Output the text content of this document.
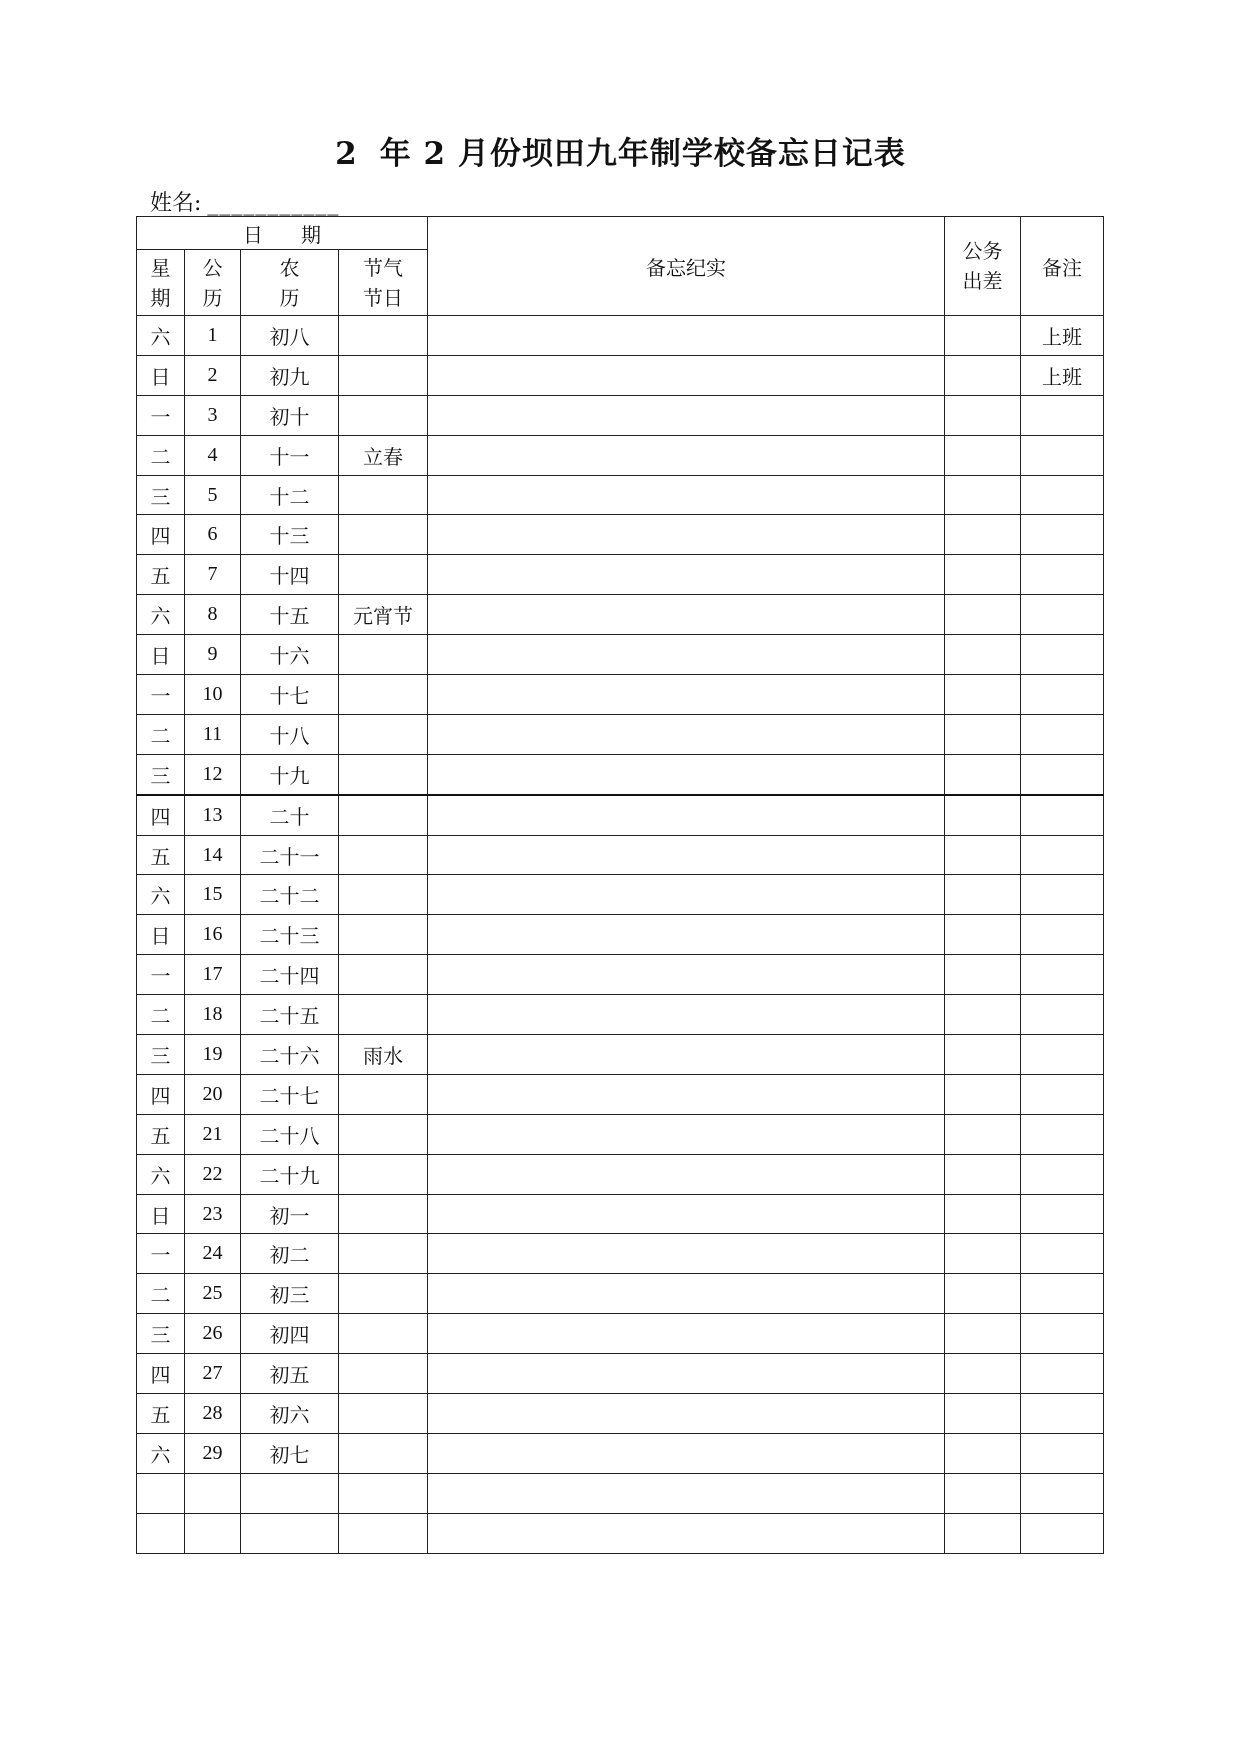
2 年 2 月份坝田九年制学校备忘日记表
姓名: ___________
日期				备忘纪实	公务出差	备注

星期	公历	农历	节气节日			

六	1	初八				上班
日	2	初九				上班
一	3	初十				
二	4	十一	立春			
三	5	十二				
四	6	十三				
五	7	十四				
六	8	十五	元宵节			
日	9	十六				
一	10	十七				
二	11	十八				
三	12	十九				
四	13	二十				
五	14	二十一				
六	15	二十二				
日	16	二十三				
一	17	二十四				
二	18	二十五				
三	19	二十六	雨水			
四	20	二十七				
五	21	二十八				
六	22	二十九				
日	23	初一				
一	24	初二				
二	25	初三				
三	26	初四				
四	27	初五				
五	28	初六				
六	29	初七				
